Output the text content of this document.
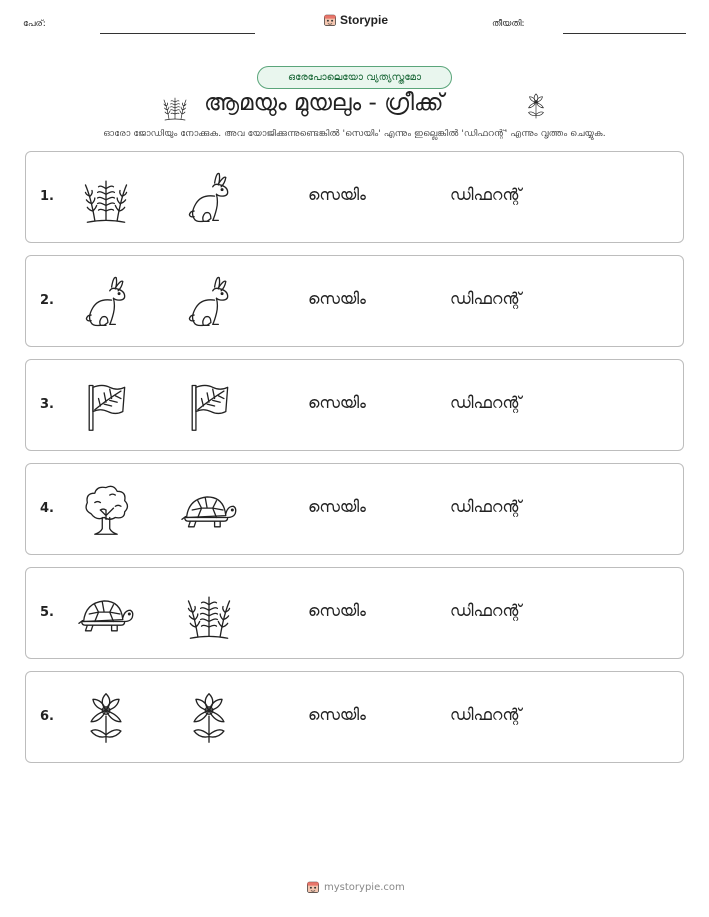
പേര്:	Storypie	തീയതി:
ഒരേപോലെയോ വ്യത്യസ്തമോ
ആമയും മുയലും - ഗ്രീക്ക്
ഓരോ ജോഡിയും നോക്കുക. അവ യോജിക്കുന്നുണ്ടെങ്കിൽ 'സെയിം' എന്നും ഇല്ലെങ്കിൽ 'ഡിഫറന്റ്' എന്നും വൃത്തം ചെയ്യുക.
1.	സെയിം	ഡിഫറന്റ്
2.	സെയിം	ഡിഫറന്റ്
3.	സെയിം	ഡിഫറന്റ്
4.	സെയിം	ഡിഫറന്റ്
5.	സെയിം	ഡിഫറന്റ്
6.	സെയിം	ഡിഫറന്റ്
mystorypie.com
